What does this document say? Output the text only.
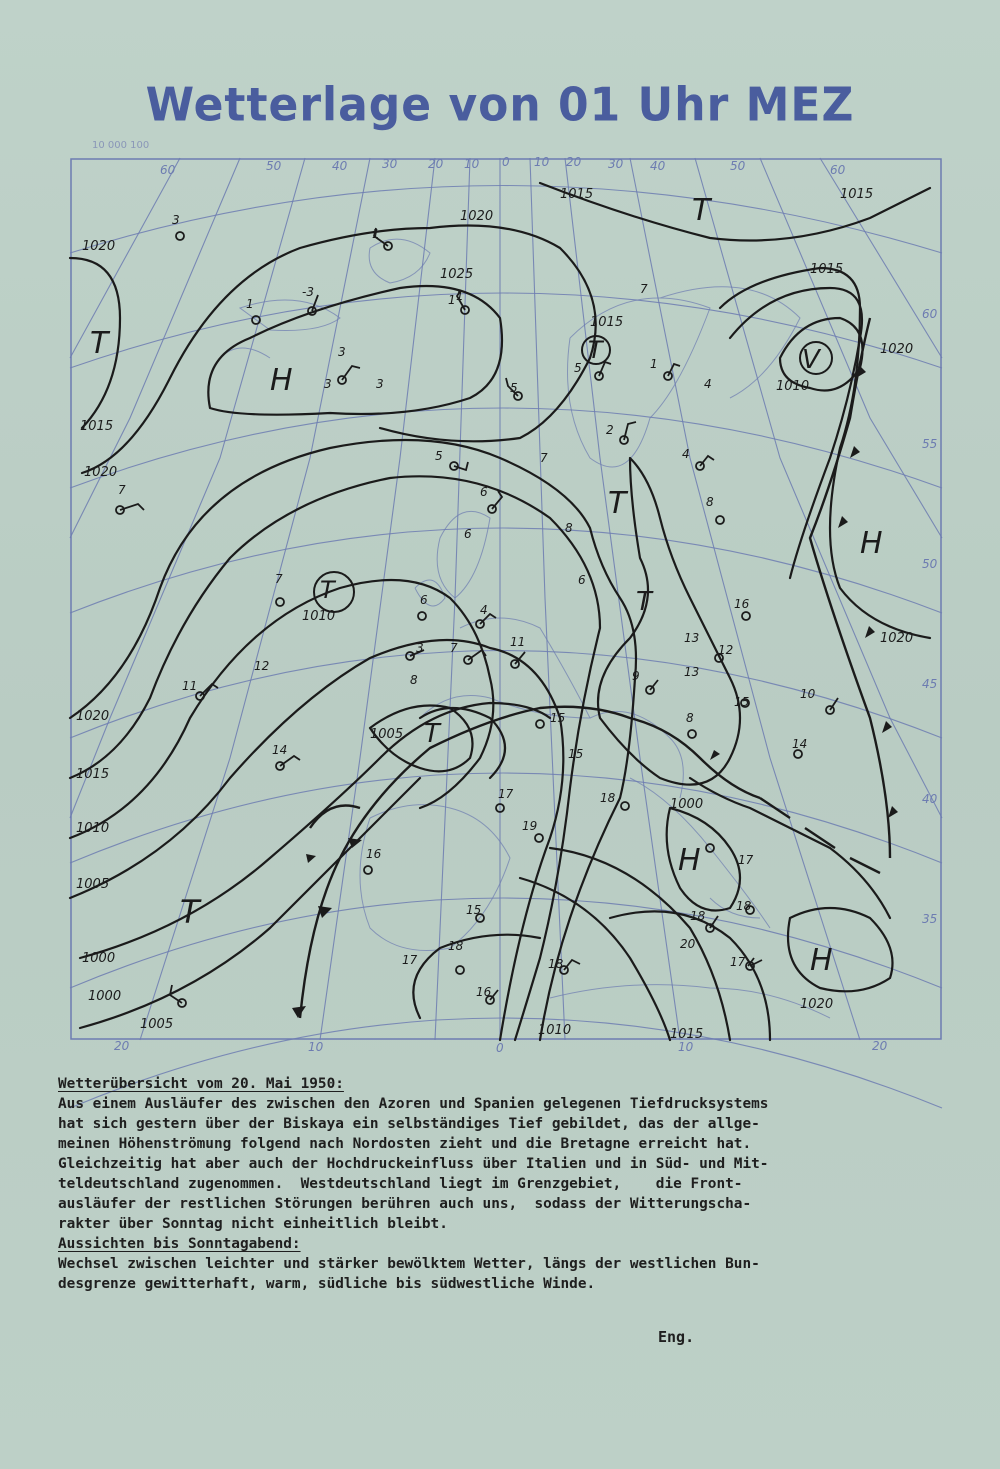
Wetterlage von 01 Uhr MEZ
10 000 100
60	50	40	30	20 10 0 10 20 30 40	50	60
20	10	0	10	20
60
55
50
45
40
35
1015
1020
1025
1015
1015
1020
1015
1015
1020
1010
1010
1020
1020
1015
1010
1005
1000
1000
1005
1005
1000
1020
1020
1010	1015
T
H
T	T	V
T
H
T	T
T
H
H
T
3
1
-3
1
3
3
1	7
5
5
5
2
4
1
3
8
4
6
7
6	8
7
6
4
7
6
11
16
13
12
9	13
15
8
11
14
12
3 7
8
15
15
17	18
19
16
14
17
18
18
20
17
15
17
18
18
16
1
10
Wetterübersicht vom 20. Mai 1950:
Aus einem Ausläufer des zwischen den Azoren und Spanien gelegenen Tiefdrucksystems
hat sich gestern über der Biskaya ein selbständiges Tief gebildet, das der allge-
meinen Höhenströmung folgend nach Nordosten zieht und die Bretagne erreicht hat.
Gleichzeitig hat aber auch der Hochdruckeinfluss über Italien und in Süd- und Mit-
teldeutschland zugenommen.  Westdeutschland liegt im Grenzgebiet,    die Front-
ausläufer der restlichen Störungen berühren auch uns,  sodass der Witterungscha-
rakter über Sonntag nicht einheitlich bleibt.
Aussichten bis Sonntagabend:
Wechsel zwischen leichter und stärker bewölktem Wetter, längs der westlichen Bun-
desgrenze gewitterhaft, warm, südliche bis südwestliche Winde.
Eng.
